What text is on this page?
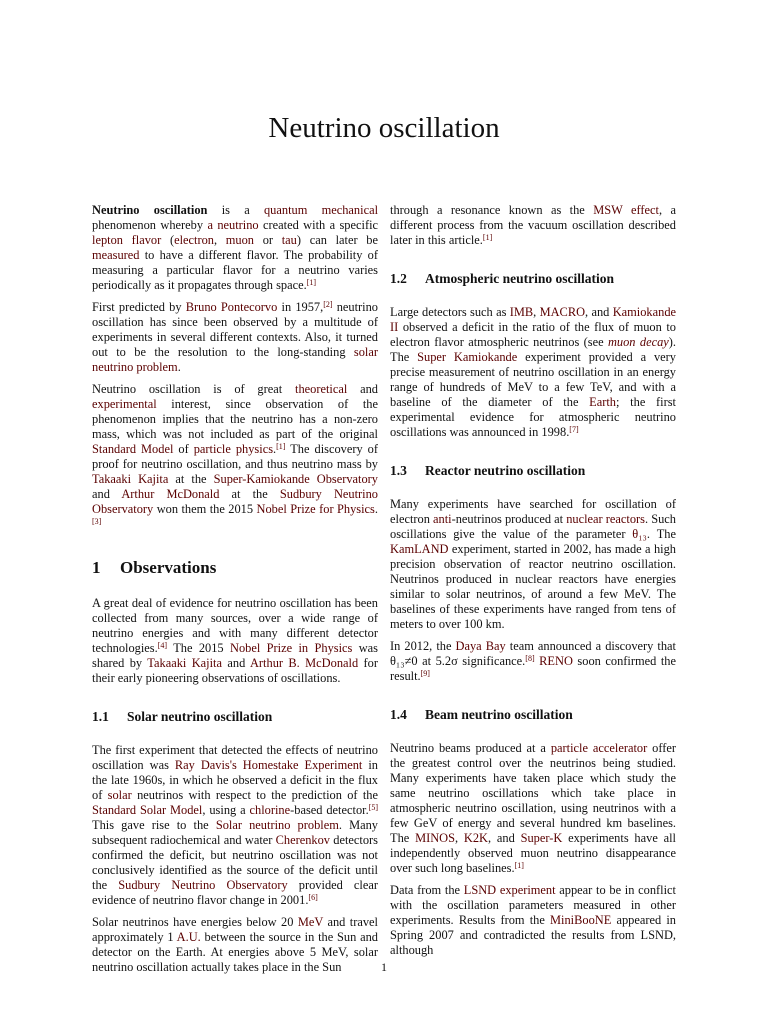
Neutrino oscillation

Neutrino oscillation is a quantum mechanical phenomenon whereby a neutrino created with a specific lepton flavor (electron, muon or tau) can later be measured to have a different flavor. The probability of measuring a particular flavor for a neutrino varies periodically as it propagates through space.[1]

First predicted by Bruno Pontecorvo in 1957,[2] neutrino oscillation has since been observed by a multitude of experiments in several different contexts. Also, it turned out to be the resolution to the long-standing solar neutrino problem.

Neutrino oscillation is of great theoretical and experimental interest, since observation of the phenomenon implies that the neutrino has a non-zero mass, which was not included as part of the original Standard Model of particle physics.[1] The discovery of proof for neutrino oscillation, and thus neutrino mass by Takaaki Kajita at the Super-Kamiokande Observatory and Arthur McDonald at the Sudbury Neutrino Observatory won them the 2015 Nobel Prize for Physics.[3]

1 Observations

A great deal of evidence for neutrino oscillation has been collected from many sources, over a wide range of neutrino energies and with many different detector technologies.[4] The 2015 Nobel Prize in Physics was shared by Takaaki Kajita and Arthur B. McDonald for their early pioneering observations of oscillations.

1.1 Solar neutrino oscillation

The first experiment that detected the effects of neutrino oscillation was Ray Davis's Homestake Experiment in the late 1960s, in which he observed a deficit in the flux of solar neutrinos with respect to the prediction of the Standard Solar Model, using a chlorine-based detector.[5] This gave rise to the Solar neutrino problem. Many subsequent radiochemical and water Cherenkov detectors confirmed the deficit, but neutrino oscillation was not conclusively identified as the source of the deficit until the Sudbury Neutrino Observatory provided clear evidence of neutrino flavor change in 2001.[6]

Solar neutrinos have energies below 20 MeV and travel approximately 1 A.U. between the source in the Sun and detector on the Earth. At energies above 5 MeV, solar neutrino oscillation actually takes place in the Sun

through a resonance known as the MSW effect, a different process from the vacuum oscillation described later in this article.[1]

1.2 Atmospheric neutrino oscillation

Large detectors such as IMB, MACRO, and Kamiokande II observed a deficit in the ratio of the flux of muon to electron flavor atmospheric neutrinos (see muon decay). The Super Kamiokande experiment provided a very precise measurement of neutrino oscillation in an energy range of hundreds of MeV to a few TeV, and with a baseline of the diameter of the Earth; the first experimental evidence for atmospheric neutrino oscillations was announced in 1998.[7]

1.3 Reactor neutrino oscillation

Many experiments have searched for oscillation of electron anti-neutrinos produced at nuclear reactors. Such oscillations give the value of the parameter θ₁₃. The KamLAND experiment, started in 2002, has made a high precision observation of reactor neutrino oscillation. Neutrinos produced in nuclear reactors have energies similar to solar neutrinos, of around a few MeV. The baselines of these experiments have ranged from tens of meters to over 100 km.

In 2012, the Daya Bay team announced a discovery that θ₁₃≠0 at 5.2σ significance.[8] RENO soon confirmed the result.[9]

1.4 Beam neutrino oscillation

Neutrino beams produced at a particle accelerator offer the greatest control over the neutrinos being studied. Many experiments have taken place which study the same neutrino oscillations which take place in atmospheric neutrino oscillation, using neutrinos with a few GeV of energy and several hundred km baselines. The MINOS, K2K, and Super-K experiments have all independently observed muon neutrino disappearance over such long baselines.[1]

Data from the LSND experiment appear to be in conflict with the oscillation parameters measured in other experiments. Results from the MiniBooNE appeared in Spring 2007 and contradicted the results from LSND, although

1
